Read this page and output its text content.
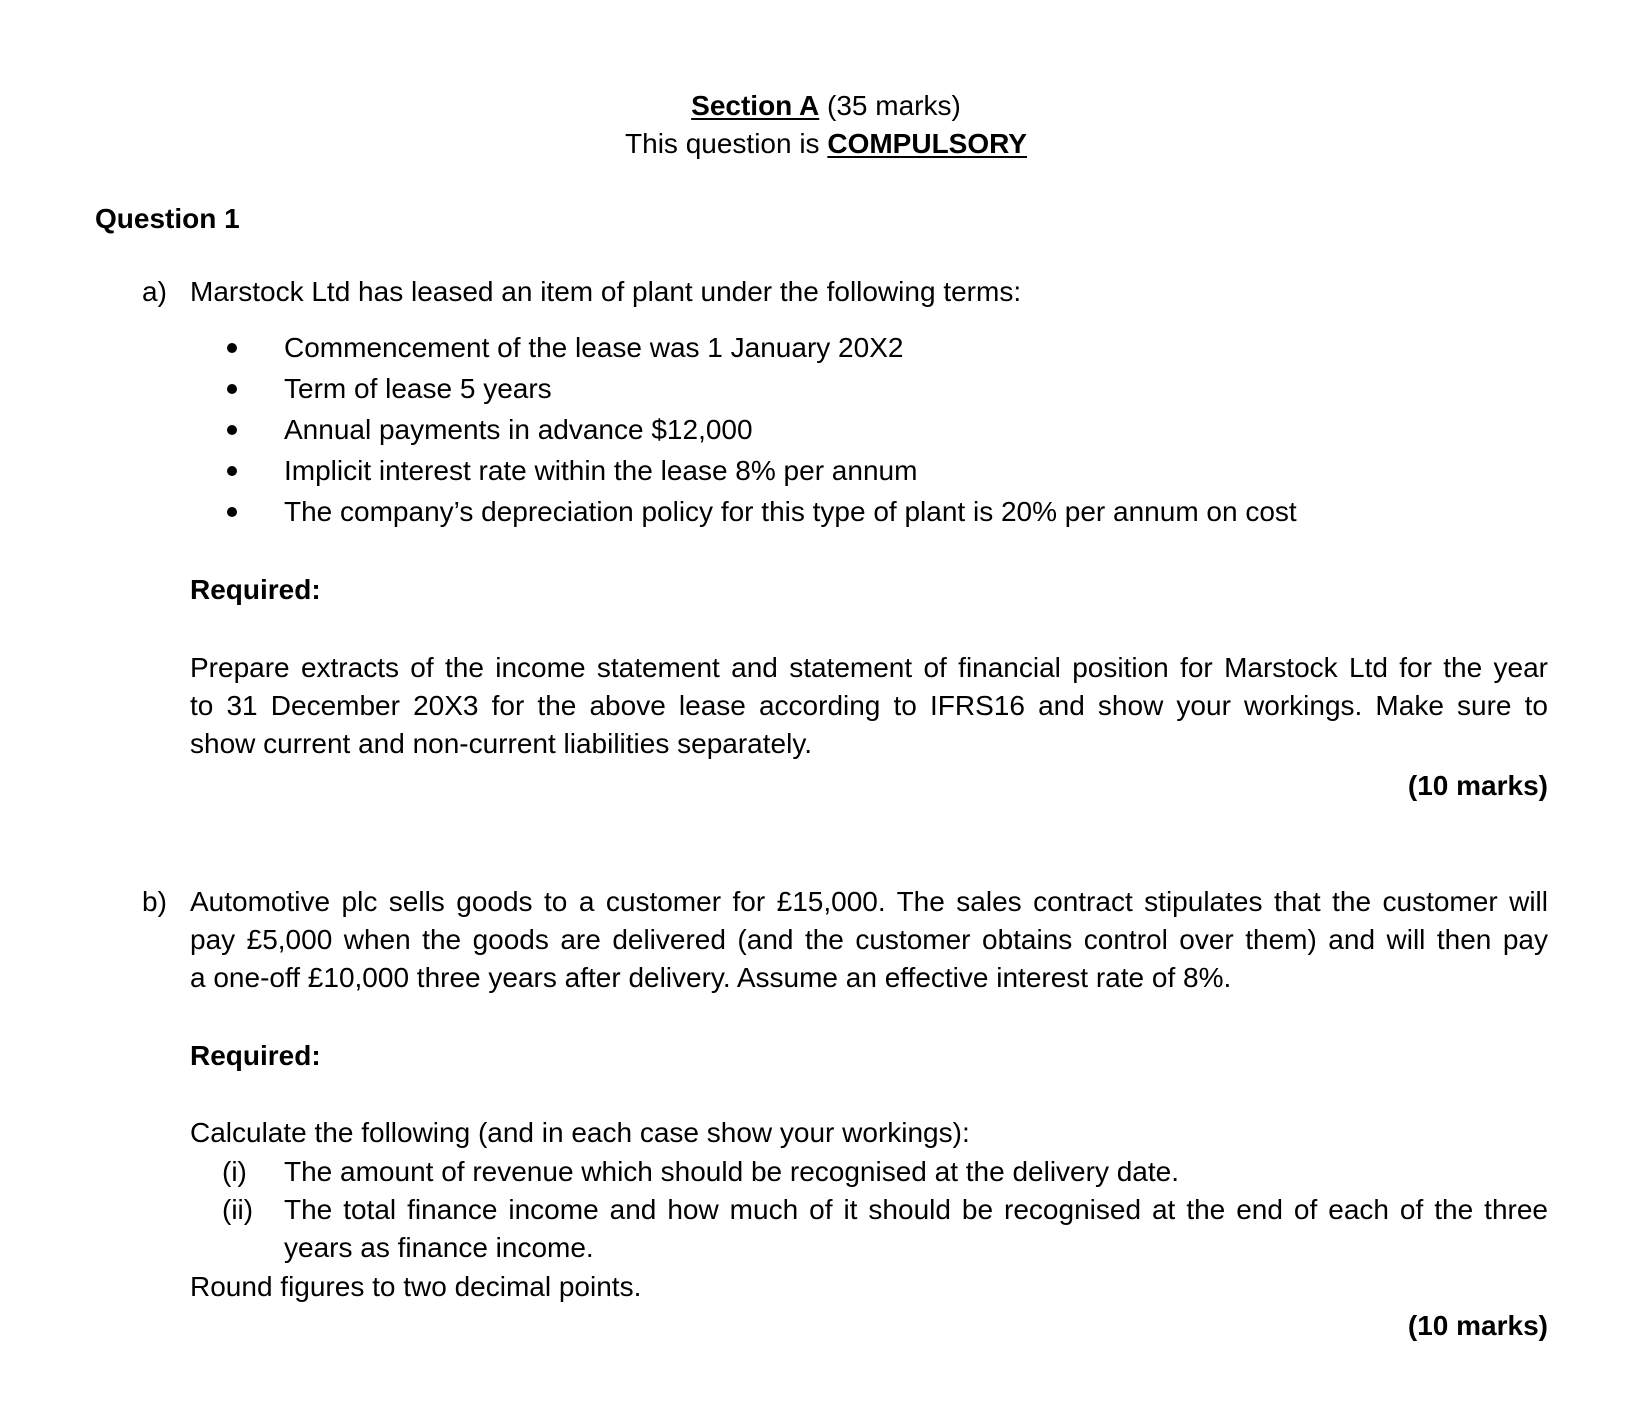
Section A (35 marks)
This question is COMPULSORY
Question 1
a) Marstock Ltd has leased an item of plant under the following terms:
Commencement of the lease was 1 January 20X2
Term of lease 5 years
Annual payments in advance $12,000
Implicit interest rate within the lease 8% per annum
The company’s depreciation policy for this type of plant is 20% per annum on cost
Required:
Prepare extracts of the income statement and statement of financial position for Marstock Ltd for the year
to 31 December 20X3 for the above lease according to IFRS16 and show your workings. Make sure to
show current and non-current liabilities separately.
(10 marks)
b) Automotive plc sells goods to a customer for £15,000. The sales contract stipulates that the customer will
pay £5,000 when the goods are delivered (and the customer obtains control over them) and will then pay
a one-off £10,000 three years after delivery. Assume an effective interest rate of 8%.
Required:
Calculate the following (and in each case show your workings):
(i) The amount of revenue which should be recognised at the delivery date.
(ii) The total finance income and how much of it should be recognised at the end of each of the three
years as finance income.
Round figures to two decimal points.
(10 marks)
